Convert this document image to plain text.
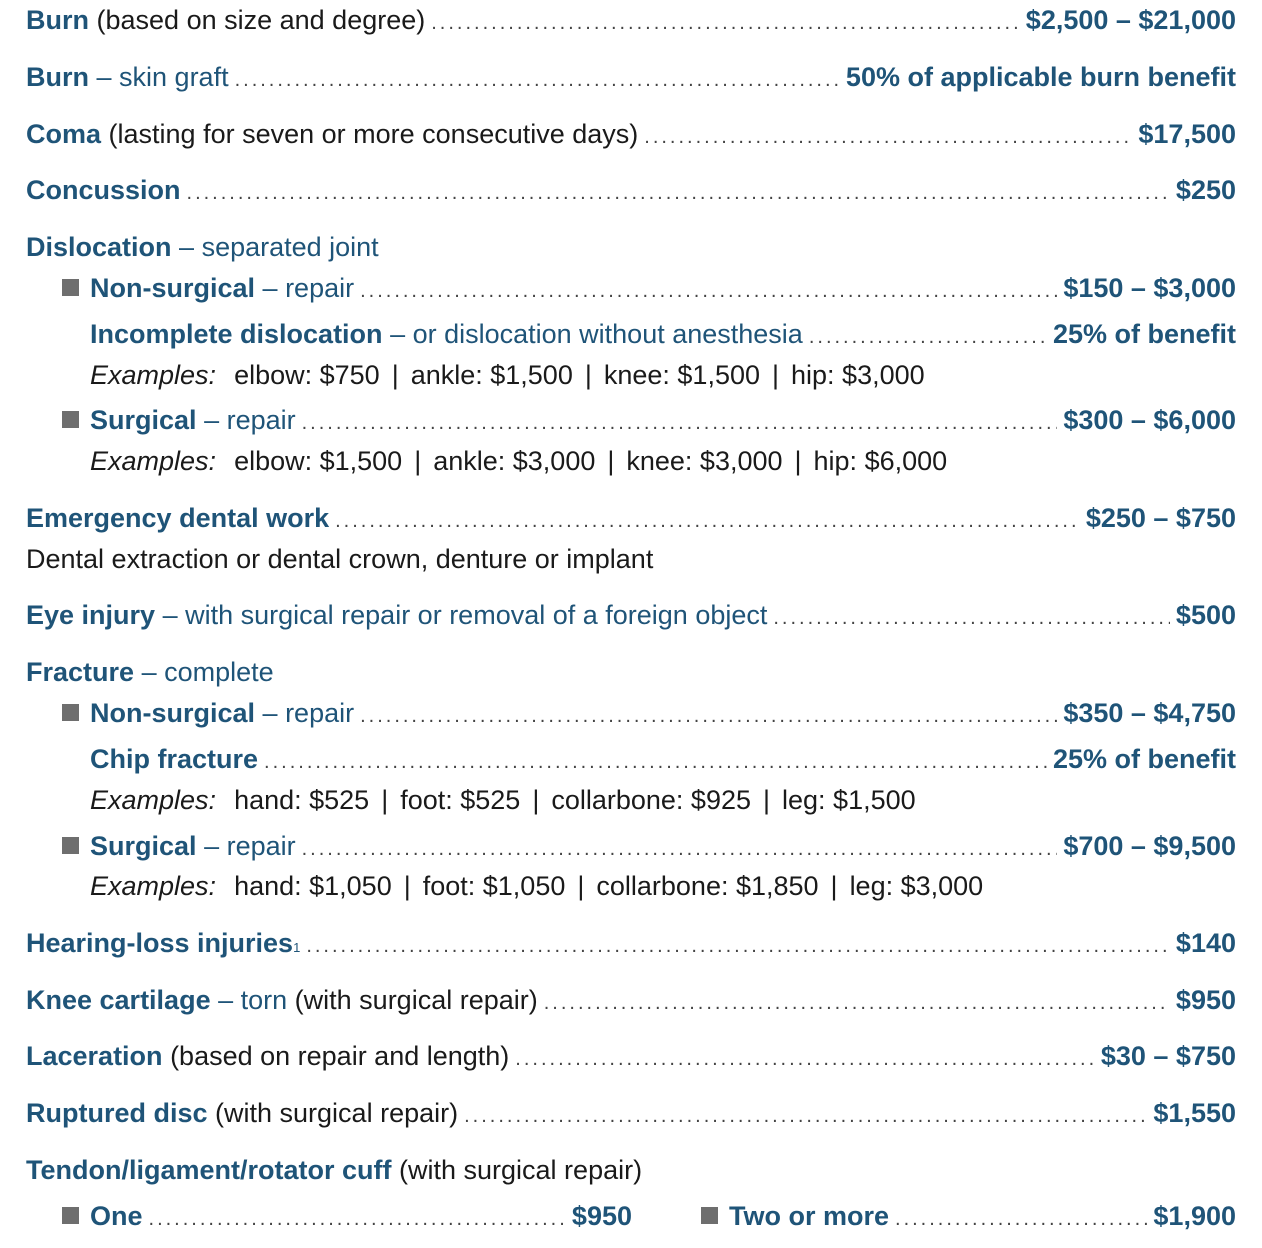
Burn
(based on size and degree) .....	$2,500 – $21,000
Burn
– skin graft .....	50% of applicable burn benefit
Coma
(lasting for seven or more consecutive days) .....	$17,500
Concussion .....	$250
Dislocation
– separated joint
Non-surgical
– repair .....	$150 – $3,000
Incomplete dislocation
– or dislocation without anesthesia .....	25% of benefit
Examples: elbow: $750 | ankle: $1,500 | knee: $1,500 | hip: $3,000
Surgical
– repair .....	$300 – $6,000
Examples: elbow: $1,500 | ankle: $3,000 | knee: $3,000 | hip: $6,000
Emergency dental work .....	$250 – $750
Dental extraction or dental crown, denture or implant
Eye injury
– with surgical repair or removal of a foreign object .....	$500
Fracture
– complete
Non-surgical
– repair .....	$350 – $4,750
Chip fracture .....	25% of benefit
Examples: hand: $525 | foot: $525 | collarbone: $925 | leg: $1,500
Surgical
– repair .....	$700 – $9,500
Examples: hand: $1,050 | foot: $1,050 | collarbone: $1,850 | leg: $3,000
Hearing-loss injuries 1 .....	$140
Knee cartilage
– torn
(with surgical repair) .....	$950
Laceration
(based on repair and length) .....	$30 – $750
Ruptured disc
(with surgical repair) .....	$1,550
Tendon/ligament/rotator cuff
(with surgical repair)
One .....	$950	Two or more .....	$1,900
